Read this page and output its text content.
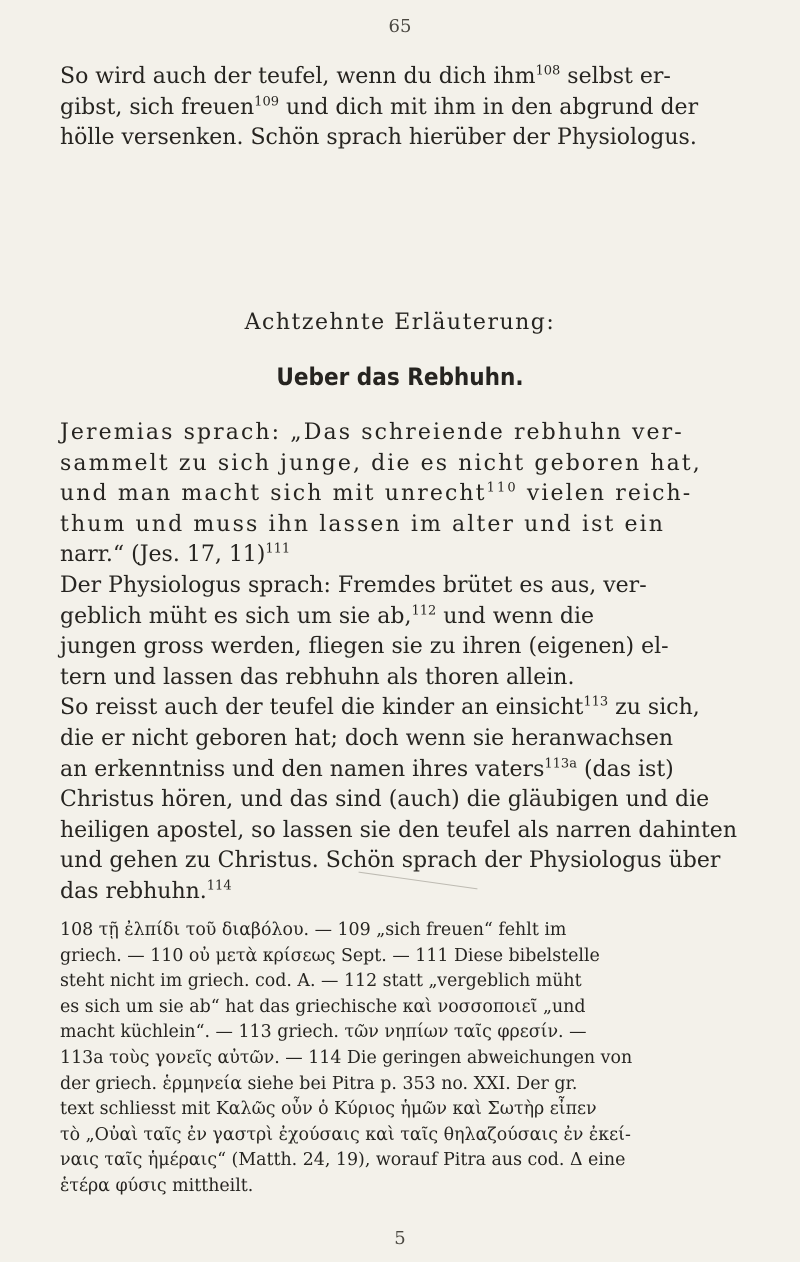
65
So wird auch der teufel, wenn du dich ihm$^{108}$ selbst er-
gibst, sich freuen$^{109}$ und dich mit ihm in den abgrund der
hölle versenken. Schön sprach hierüber der Physiologus.
Achtzehnte Erläuterung:
Ueber das Rebhuhn.
Jeremias sprach: „Das schreiende rebhuhn ver-
sammelt zu sich junge, die es nicht geboren hat,
und man macht sich mit unrecht$^{110}$ vielen reich-
thum und muss ihn lassen im alter und ist ein
narr.“ (Jes. 17, 11)$^{111}$
Der Physiologus sprach: Fremdes brütet es aus, ver-
geblich müht es sich um sie ab,$^{112}$ und wenn die
jungen gross werden, fliegen sie zu ihren (eigenen) el-
tern und lassen das rebhuhn als thoren allein.
So reisst auch der teufel die kinder an einsicht$^{113}$ zu sich,
die er nicht geboren hat; doch wenn sie heranwachsen
an erkenntniss und den namen ihres vaters$^{113a}$ (das ist)
Christus hören, und das sind (auch) die gläubigen und die
heiligen apostel, so lassen sie den teufel als narren dahinten
und gehen zu Christus. Schön sprach der Physiologus über
das rebhuhn.$^{114}$
108 τῇ ἐλπίδι τοῦ διαβόλου. — 109 „sich freuen“ fehlt im
griech. — 110 οὐ μετὰ κρίσεως Sept. — 111 Diese bibelstelle
steht nicht im griech. cod. A. — 112 statt „vergeblich müht
es sich um sie ab“ hat das griechische καὶ νοσσοποιεῖ „und
macht küchlein“. — 113 griech. τῶν νηπίων ταῖς φρεσίν. —
113a τοὺς γονεῖς αὐτῶν. — 114 Die geringen abweichungen von
der griech. ἑρμηνεία siehe bei Pitra p. 353 no. XXI. Der gr.
text schliesst mit Καλῶς οὖν ὁ Κύριος ἡμῶν καὶ Σωτὴρ εἶπεν
τὸ „Οὐαὶ ταῖς ἐν γαστρὶ ἐχούσαις καὶ ταῖς θηλαζούσαις ἐν ἐκεί-
ναις ταῖς ἡμέραις“ (Matth. 24, 19), worauf Pitra aus cod. Δ eine
ἑτέρα φύσις mittheilt.
5
